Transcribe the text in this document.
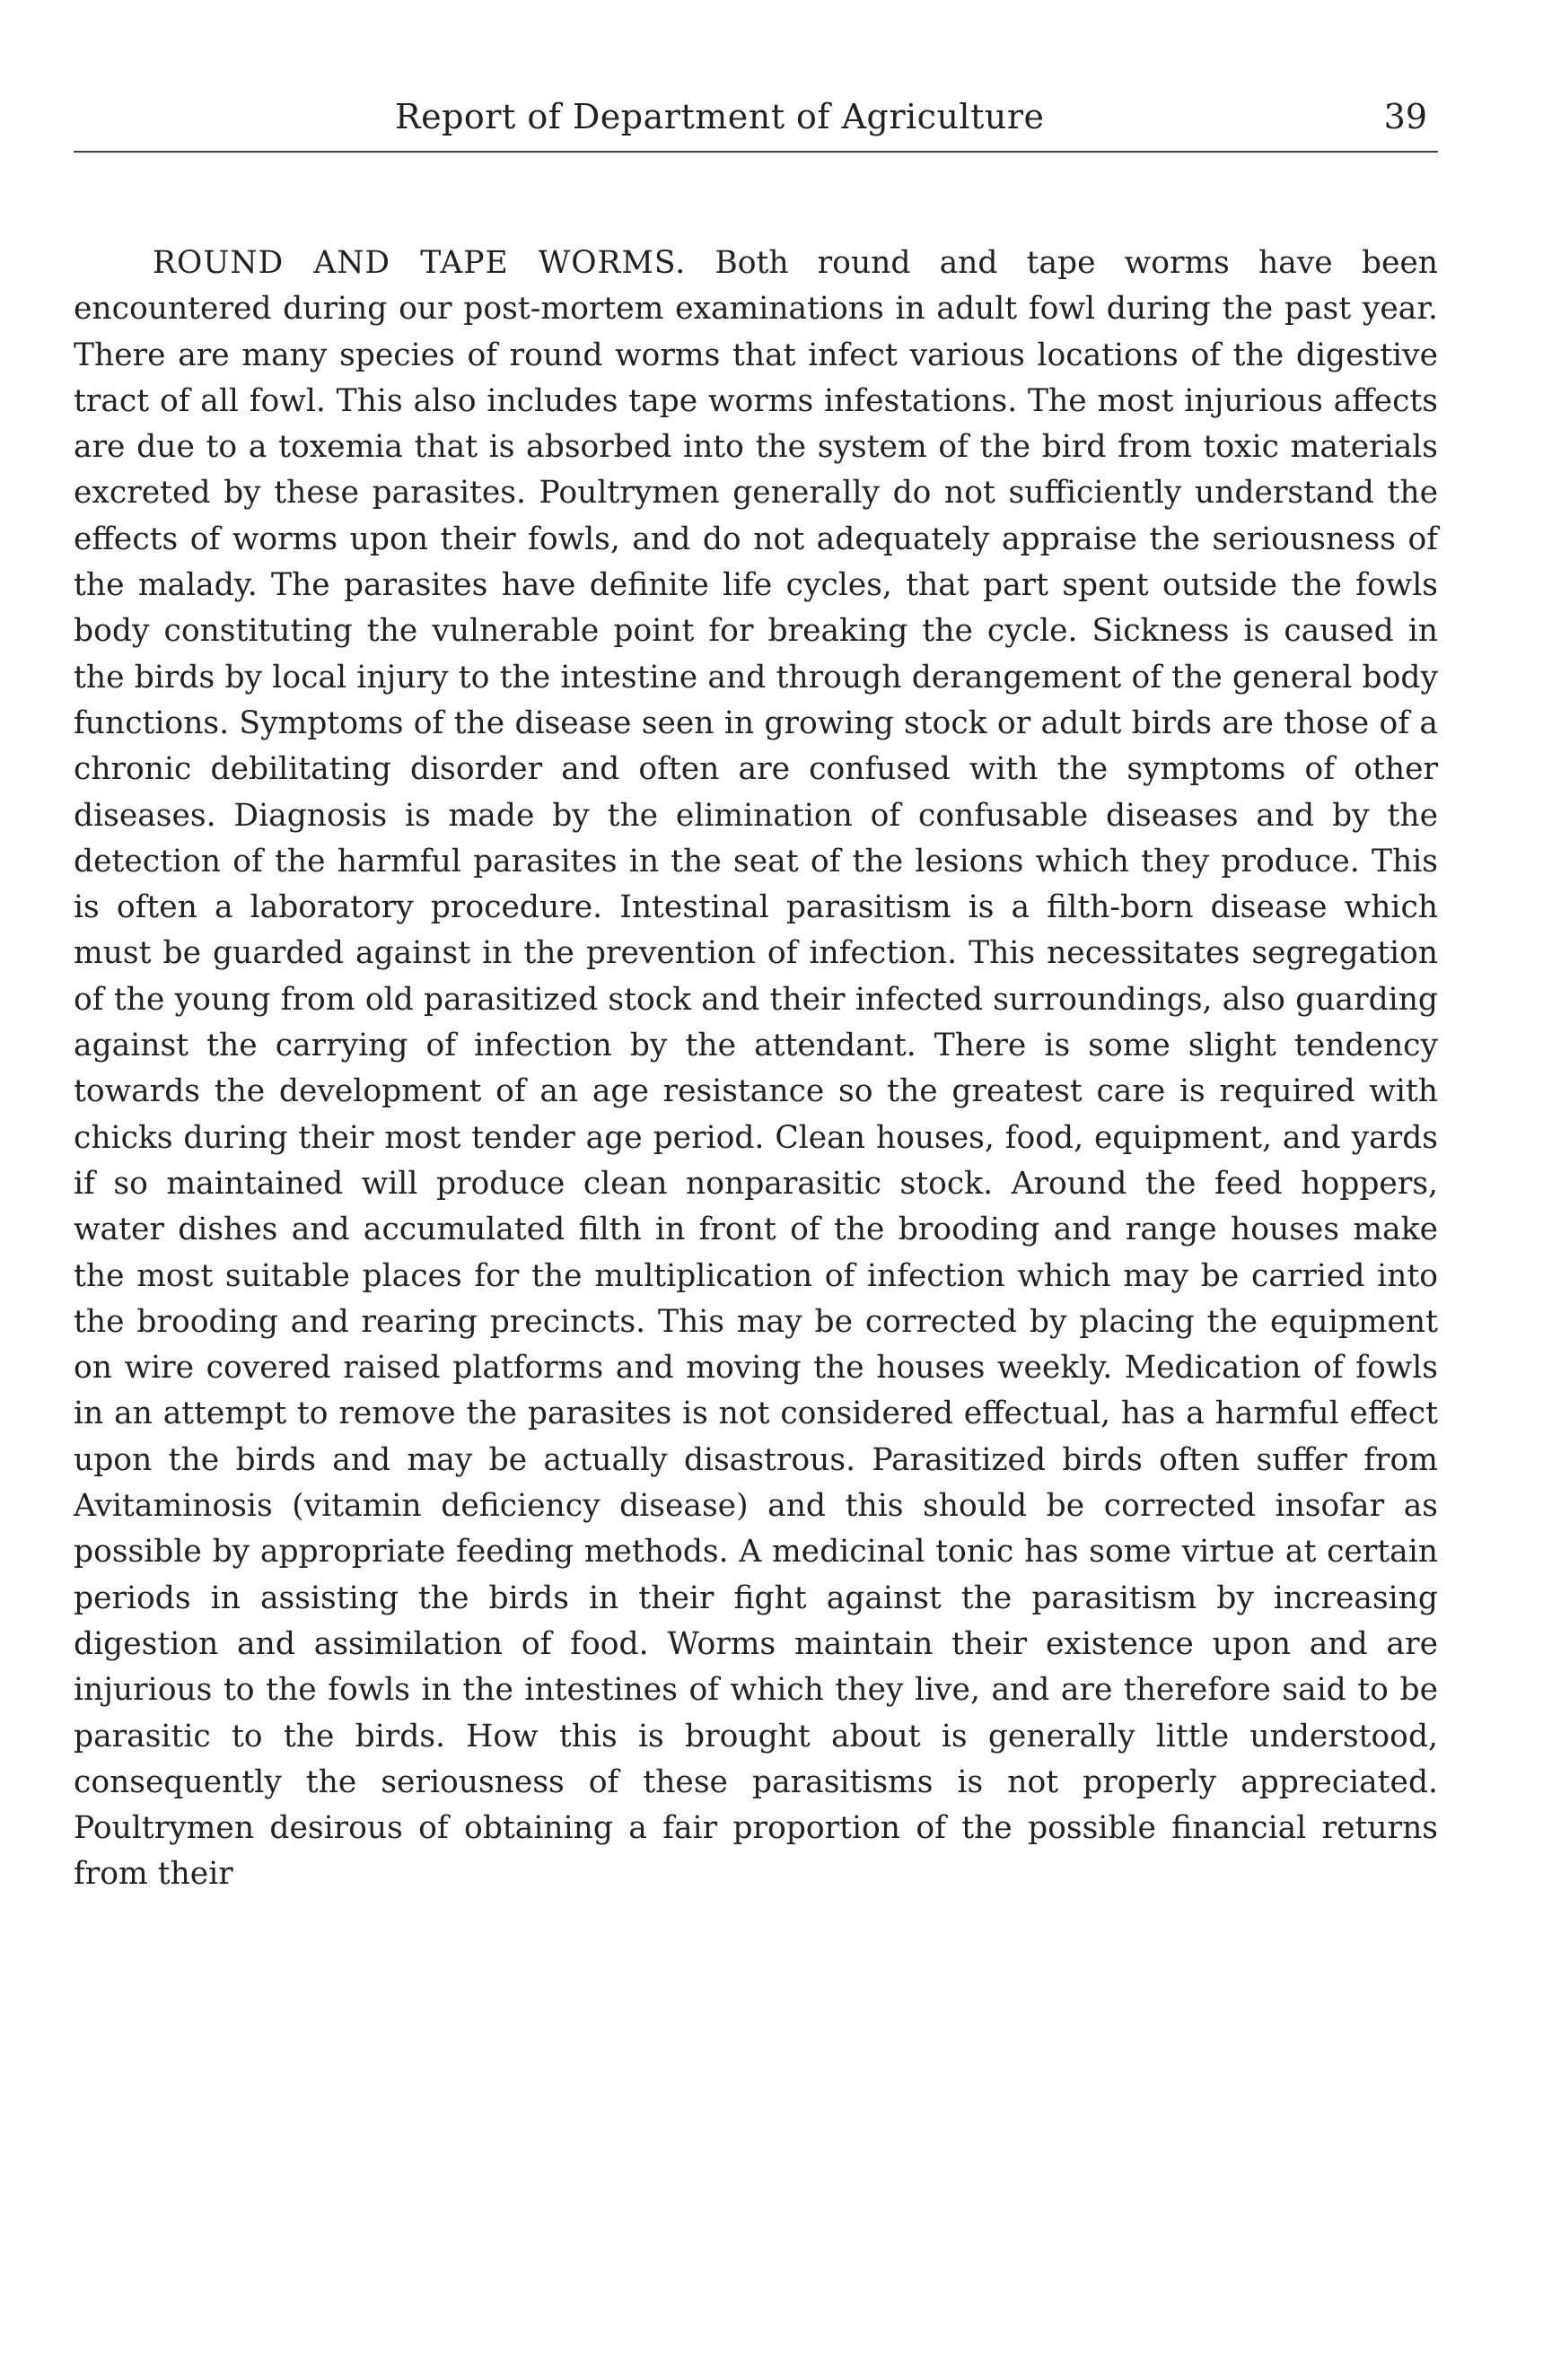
Report of Department of Agriculture	39

ROUND AND TAPE WORMS. Both round and tape worms have been encountered during our post-mortem examinations in adult fowl during the past year. There are many species of round worms that infect various locations of the digestive tract of all fowl. This also includes tape worms infestations. The most injurious affects are due to a toxemia that is absorbed into the system of the bird from toxic materials excreted by these parasites. Poultrymen generally do not sufficiently understand the effects of worms upon their fowls, and do not adequately appraise the seriousness of the malady. The parasites have definite life cycles, that part spent outside the fowls body constituting the vulnerable point for breaking the cycle. Sickness is caused in the birds by local injury to the intestine and through derangement of the general body functions. Symptoms of the disease seen in growing stock or adult birds are those of a chronic debilitating disorder and often are confused with the symptoms of other diseases. Diagnosis is made by the elimination of confusable diseases and by the detection of the harmful parasites in the seat of the lesions which they produce. This is often a laboratory procedure. Intestinal parasitism is a filth-born disease which must be guarded against in the prevention of infection. This necessitates segregation of the young from old parasitized stock and their infected surroundings, also guarding against the carrying of infection by the attendant. There is some slight tendency towards the development of an age resistance so the greatest care is required with chicks during their most tender age period. Clean houses, food, equipment, and yards if so maintained will produce clean nonparasitic stock. Around the feed hoppers, water dishes and accumulated filth in front of the brooding and range houses make the most suitable places for the multiplication of infection which may be carried into the brooding and rearing precincts. This may be corrected by placing the equipment on wire covered raised platforms and moving the houses weekly. Medication of fowls in an attempt to remove the parasites is not considered effectual, has a harmful effect upon the birds and may be actually disastrous. Parasitized birds often suffer from Avitaminosis (vitamin deficiency disease) and this should be corrected insofar as possible by appropriate feeding methods. A medicinal tonic has some virtue at certain periods in assisting the birds in their fight against the parasitism by increasing digestion and assimilation of food. Worms maintain their existence upon and are injurious to the fowls in the intestines of which they live, and are therefore said to be parasitic to the birds. How this is brought about is generally little understood, consequently the seriousness of these parasitisms is not properly appreciated. Poultrymen desirous of obtaining a fair proportion of the possible financial returns from their
